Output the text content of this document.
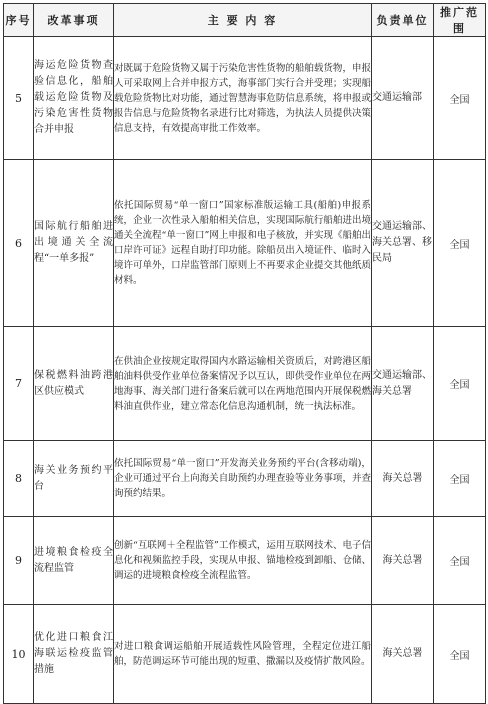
序号	改革事项	主 要 内 容	负责单位	推广范围
5	海运危险货物查验信息化，船舶载运危险货物及污染危害性货物合并申报	对既属于危险货物又属于污染危害性货物的船舶载货物，申报人可采取网上合并申报方式，海事部门实行合并受理；实现船载危险货物比对功能，通过智慧海事危防信息系统，将申报或报告信息与危险货物名录进行比对筛选，为执法人员提供决策信息支持，有效提高审批工作效率。	交通运输部	全国
6	国际航行船舶进出境通关全流程“一单多报”	依托国际贸易“单一窗口”国家标准版运输工具(船舶)申报系统，企业一次性录入船舶相关信息，实现国际航行船舶进出境通关全流程“单一窗口”网上申报和电子核放，并实现《船舶出口岸许可证》远程自助打印功能。除船员出入境证件、临时入境许可单外，口岸监管部门原则上不再要求企业提交其他纸质材料。	交通运输部、海关总署、移民局	全国
7	保税燃料油跨港区供应模式	在供油企业按规定取得国内水路运输相关资质后，对跨港区船舶油料供受作业单位备案情况予以互认，即供受作业单位在两地海事、海关部门进行备案后就可以在两地范围内开展保税燃料油直供作业，建立常态化信息沟通机制，统一执法标准。	交通运输部、海关总署	全国
8	海关业务预约平台	依托国际贸易“单一窗口”开发海关业务预约平台(含移动端)，企业可通过平台上向海关自助预约办理查验等业务事项，并查询预约结果。	海关总署	全国
9	进境粮食检疫全流程监管	创新“互联网＋全程监管”工作模式，运用互联网技术、电子信息化和视频监控手段，实现从申报、锚地检疫到卸船、仓储、调运的进境粮食检疫全流程监管。	海关总署	全国
10	优化进口粮食江海联运检疫监管措施	对进口粮食调运船舶开展适载性风险管理，全程定位进江船舶，防范调运环节可能出现的短重、撒漏以及疫情扩散风险。	海关总署	全国
